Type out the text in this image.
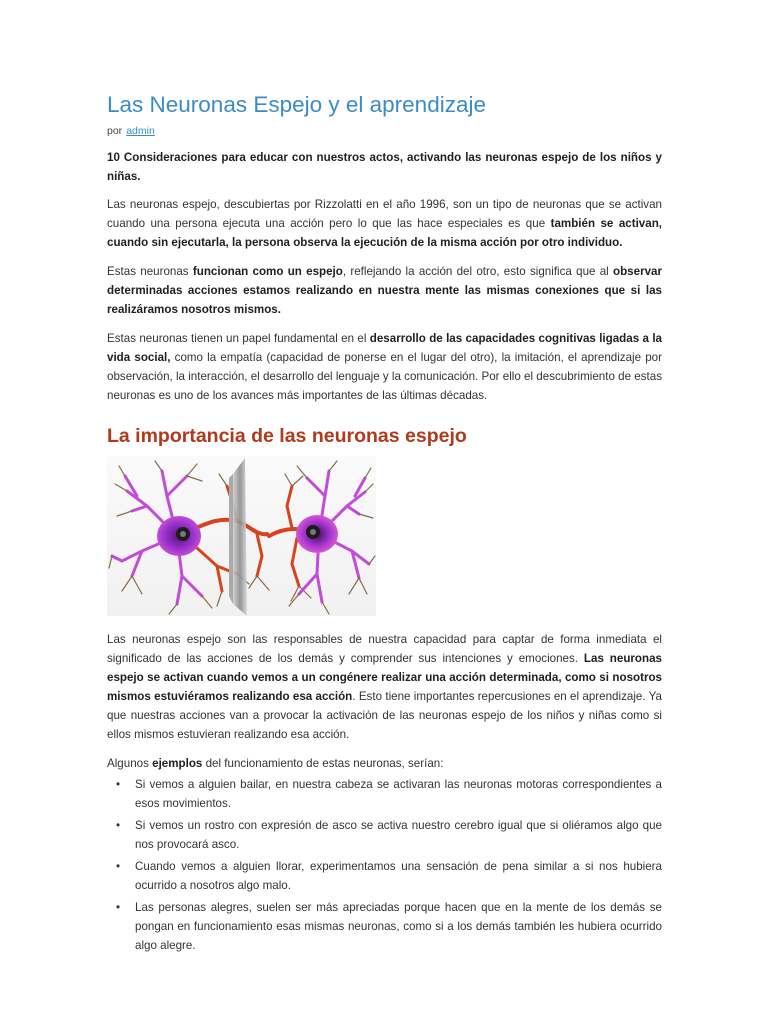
Las Neuronas Espejo y el aprendizaje
por admin

10 Consideraciones para educar con nuestros actos, activando las neuronas espejo de los niños y niñas.

Las neuronas espejo, descubiertas por Rizzolatti en el año 1996, son un tipo de neuronas que se activan cuando una persona ejecuta una acción pero lo que las hace especiales es que también se activan, cuando sin ejecutarla, la persona observa la ejecución de la misma acción por otro individuo.

Estas neuronas funcionan como un espejo, reflejando la acción del otro, esto significa que al observar determinadas acciones estamos realizando en nuestra mente las mismas conexiones que si las realizáramos nosotros mismos.

Estas neuronas tienen un papel fundamental en el desarrollo de las capacidades cognitivas ligadas a la vida social, como la empatía (capacidad de ponerse en el lugar del otro), la imitación, el aprendizaje por observación, la interacción, el desarrollo del lenguaje y la comunicación. Por ello el descubrimiento de estas neuronas es uno de los avances más importantes de las últimas décadas.

La importancia de las neuronas espejo

Las neuronas espejo son las responsables de nuestra capacidad para captar de forma inmediata el significado de las acciones de los demás y comprender sus intenciones y emociones. Las neuronas espejo se activan cuando vemos a un congénere realizar una acción determinada, como si nosotros mismos estuviéramos realizando esa acción. Esto tiene importantes repercusiones en el aprendizaje. Ya que nuestras acciones van a provocar la activación de las neuronas espejo de los niños y niñas como si ellos mismos estuvieran realizando esa acción.

Algunos ejemplos del funcionamiento de estas neuronas, serían:

• Si vemos a alguien bailar, en nuestra cabeza se activaran las neuronas motoras correspondientes a esos movimientos.
• Si vemos un rostro con expresión de asco se activa nuestro cerebro igual que si oliéramos algo que nos provocará asco.
• Cuando vemos a alguien llorar, experimentamos una sensación de pena similar a si nos hubiera ocurrido a nosotros algo malo.
• Las personas alegres, suelen ser más apreciadas porque hacen que en la mente de los demás se pongan en funcionamiento esas mismas neuronas, como si a los demás también les hubiera ocurrido algo alegre.
